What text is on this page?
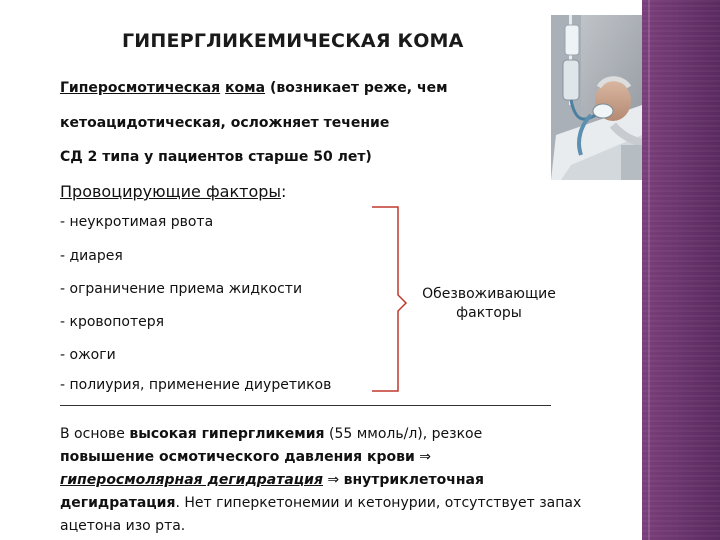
ГИПЕРГЛИКЕМИЧЕСКАЯ КОМА
Гиперосмотическая кома (возникает реже, чем
кетоацидотическая, осложняет течение
СД 2 типа у пациентов старше 50 лет)
Провоцирующие факторы:
- неукротимая рвота
- диарея
- ограничение приема жидкости
- кровопотеря
- ожоги
- полиурия, применение диуретиков
Обезвоживающие
факторы
В основе высокая гипергликемия (55 ммоль/л), резкое
повышение осмотического давления крови ⇒
гиперосмолярная дегидратация ⇒ внутриклеточная дегидратация. Нет гиперкетонемии и кетонурии, отсутствует запах ацетона изо рта.
